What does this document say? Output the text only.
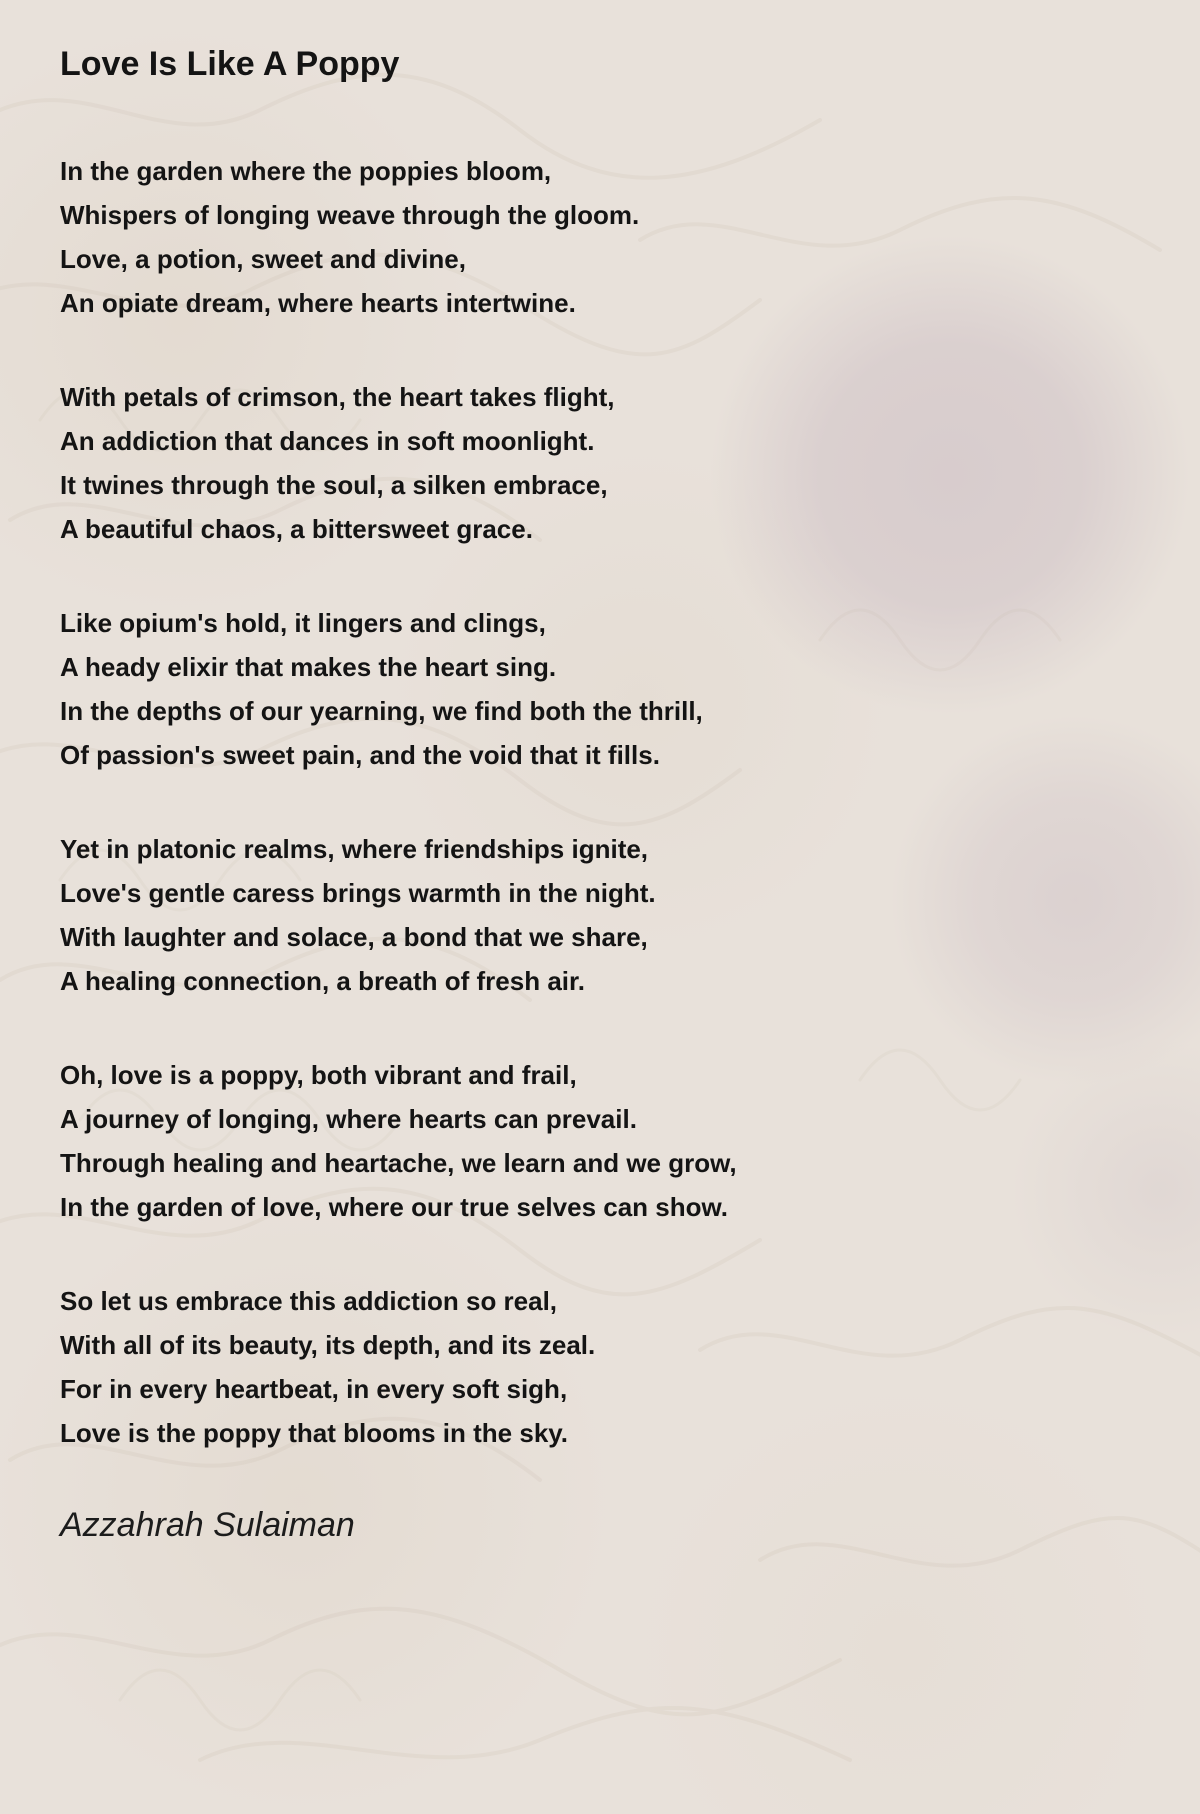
Love Is Like A Poppy

In the garden where the poppies bloom,

Whispers of longing weave through the gloom.

Love, a potion, sweet and divine,

An opiate dream, where hearts intertwine.

With petals of crimson, the heart takes flight,

An addiction that dances in soft moonlight.

It twines through the soul, a silken embrace,

A beautiful chaos, a bittersweet grace.

Like opium's hold, it lingers and clings,

A heady elixir that makes the heart sing.

In the depths of our yearning, we find both the thrill,

Of passion's sweet pain, and the void that it fills.

Yet in platonic realms, where friendships ignite,

Love's gentle caress brings warmth in the night.

With laughter and solace, a bond that we share,

A healing connection, a breath of fresh air.

Oh, love is a poppy, both vibrant and frail,

A journey of longing, where hearts can prevail.

Through healing and heartache, we learn and we grow,

In the garden of love, where our true selves can show.

So let us embrace this addiction so real,

With all of its beauty, its depth, and its zeal.

For in every heartbeat, in every soft sigh,

Love is the poppy that blooms in the sky.

Azzahrah Sulaiman
